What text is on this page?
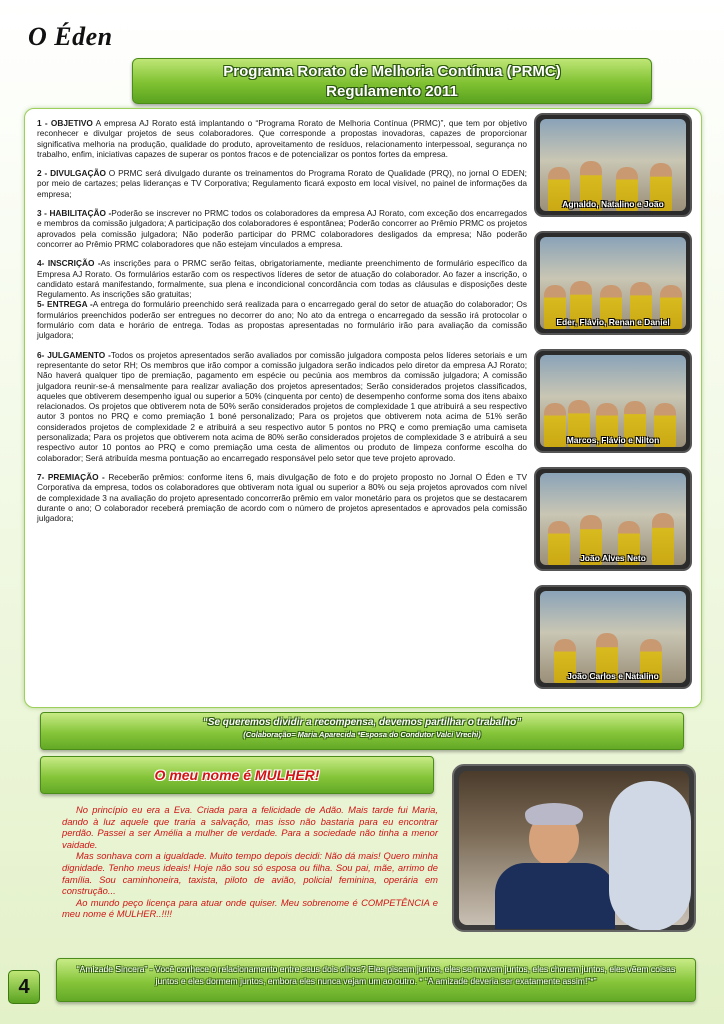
O Éden
Programa Rorato de Melhoria Contínua (PRMC)
Regulamento 2011

1 - OBJETIVO A empresa AJ Rorato está implantando o “Programa Rorato de Melhoria Contínua (PRMC)”, que tem por objetivo reconhecer e divulgar projetos de seus colaboradores. Que corresponde a propostas inovadoras, capazes de proporcionar significativa melhoria na produção, qualidade do produto, aproveitamento de resíduos, relacionamento interpessoal, segurança no trabalho, enfim, iniciativas capazes de superar os pontos fracos e de potencializar os pontos fortes da empresa.

2 - DIVULGAÇÃO O PRMC será divulgado durante os treinamentos do Programa Rorato de Qualidade (PRQ), no jornal O EDEN; por meio de cartazes; pelas lideranças e TV Corporativa; Regulamento ficará exposto em local visível, no painel de informações da empresa;

3 - HABILITAÇÃO -Poderão se inscrever no PRMC todos os colaboradores da empresa AJ Rorato, com exceção dos encarregados e membros da comissão julgadora; A participação dos colaboradores é espontânea; Poderão concorrer ao Prêmio PRMC os projetos aprovados pela comissão julgadora; Não poderão participar do PRMC colaboradores desligados da empresa; Não poderão concorrer ao Prêmio PRMC colaboradores que não estejam vinculados a empresa.

4- INSCRIÇÃO -As inscrições para o PRMC serão feitas, obrigatoriamente, mediante preenchimento de formulário específico da Empresa AJ Rorato. Os formulários estarão com os respectivos líderes de setor de atuação do colaborador. Ao fazer a inscrição, o candidato estará manifestando, formalmente, sua plena e incondicional concordância com todas as cláusulas e disposições deste Regulamento. As inscrições são gratuitas;
5- ENTREGA -A entrega do formulário preenchido será realizada para o encarregado geral do setor de atuação do colaborador; Os formulários preenchidos poderão ser entregues no decorrer do ano; No ato da entrega o encarregado da sessão irá protocolar o formulário com data e horário de entrega. Todas as propostas apresentadas no formulário irão para avaliação da comissão julgadora;

6- JULGAMENTO -Todos os projetos apresentados serão avaliados por comissão julgadora composta pelos líderes setoriais e um representante do setor RH; Os membros que irão compor a comissão julgadora serão indicados pelo diretor da empresa AJ Rorato; Não haverá qualquer tipo de premiação, pagamento em espécie ou pecúnia aos membros da comissão julgadora; A comissão julgadora reunir-se-á mensalmente para realizar avaliação dos projetos apresentados; Serão considerados projetos classificados, aqueles que obtiverem desempenho igual ou superior a 50% (cinquenta por cento) de desempenho conforme soma dos itens abaixo relacionados. Os projetos que obtiverem nota de 50% serão considerados projetos de complexidade 1 que atribuirá a seu respectivo autor 3 pontos no PRQ e como premiação 1 boné personalizado; Para os projetos que obtiverem nota acima de 51% serão considerados projetos de complexidade 2 e atribuirá a seu respectivo autor 5 pontos no PRQ e como premiação uma camiseta personalizada; Para os projetos que obtiverem nota acima de 80% serão considerados projetos de complexidade 3 e atribuirá a seu respectivo autor 10 pontos ao PRQ e como premiação uma cesta de alimentos ou produto de limpeza conforme escolha do colaborador; Será atribuída mesma pontuação ao encarregado responsável pelo setor que teve projeto aprovado.

7- PREMIAÇÃO - Receberão prêmios: conforme itens 6, mais divulgação de foto e do projeto proposto no Jornal O Éden e TV Corporativa da empresa, todos os colaboradores que obtiveram nota igual ou superior a 80% ou seja projetos aprovados com nível de complexidade 3 na avaliação do projeto apresentado concorrerão prêmio em valor monetário para os projetos que se destacarem durante o ano; O colaborador receberá premiação de acordo com o número de projetos apresentados e aprovados pela comissão julgadora;

Agnaldo, Natalino e João
Eder, Flávio, Renan e Daniel
Marcos, Flávio e Nilton
João Alves Neto
João Carlos e Natalino
“Se queremos dividir a recompensa, devemos partilhar o trabalho”
(Colaboração= Maria Aparecida *Esposa do Condutor Valci Vrechi)
O meu nome é MULHER!

No princípio eu era a Eva. Criada para a felicidade de Adão. Mais tarde fui Maria, dando à luz aquele que traria a salvação, mas isso não bastaria para eu encontrar perdão. Passei a ser Amélia a mulher de verdade. Para a sociedade não tinha a menor vaidade.

Mas sonhava com a igualdade. Muito tempo depois decidi: Não dá mais! Quero minha dignidade. Tenho meus ideais! Hoje não sou só esposa ou filha. Sou pai, mãe, arrimo de família. Sou caminhoneira, taxista, piloto de avião, policial feminina, operária em construção...

Ao mundo peço licença para atuar onde quiser. Meu sobrenome é COMPETÊNCIA e meu nome é MULHER..!!!!

4
“Amizade Sincera” - Você conhece o relacionamento entre seus dois olhos? Eles piscam juntos, eles se movem juntos, eles choram juntos, eles vêem coisas juntos e eles dormem juntos, embora eles nunca vejam um ao outro. * “A amizade deveria ser exatamente assim!”*”
